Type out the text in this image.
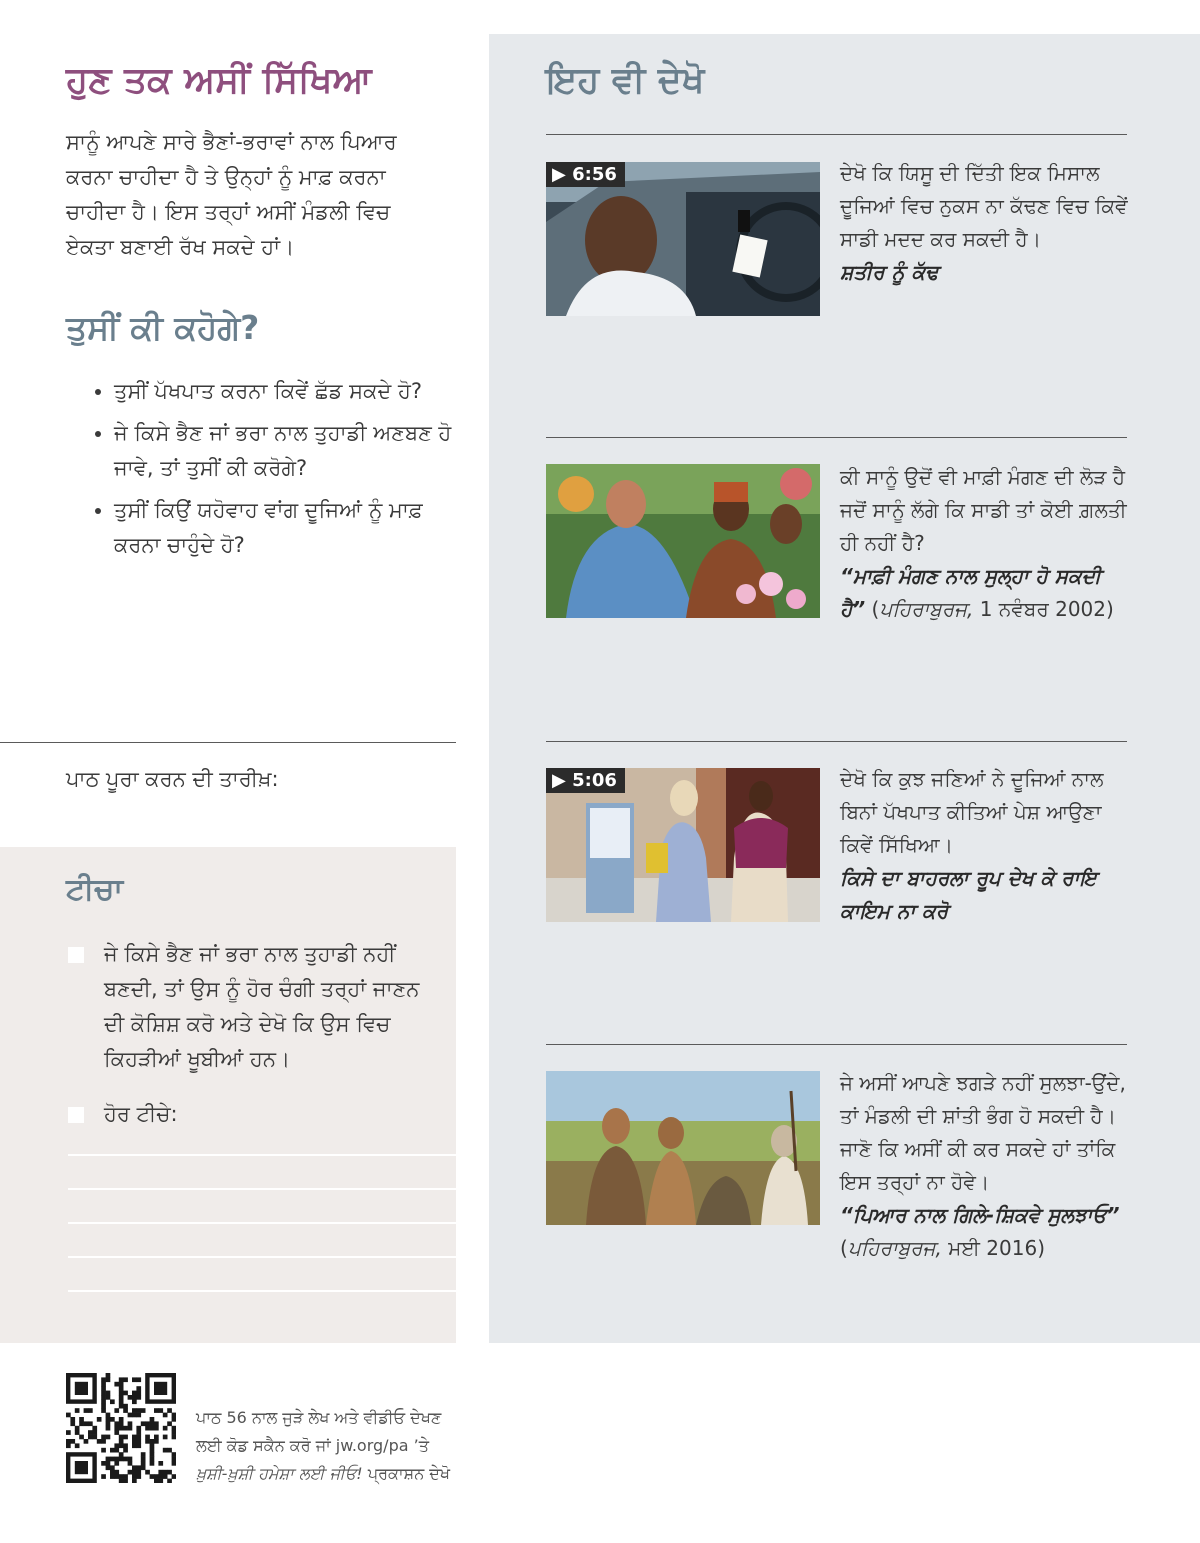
ਹੁਣ ਤਕ ਅਸੀਂ ਸਿੱਖਿਆ
ਸਾਨੂੰ ਆਪਣੇ ਸਾਰੇ ਭੈਣਾਂ-ਭਰਾਵਾਂ ਨਾਲ ਪਿਆਰ ਕਰਨਾ ਚਾਹੀਦਾ ਹੈ ਤੇ ਉਨ੍ਹਾਂ ਨੂੰ ਮਾਫ਼ ਕਰਨਾ ਚਾਹੀਦਾ ਹੈ। ਇਸ ਤਰ੍ਹਾਂ ਅਸੀਂ ਮੰਡਲੀ ਵਿਚ ਏਕਤਾ ਬਣਾਈ ਰੱਖ ਸਕਦੇ ਹਾਂ।
ਤੁਸੀਂ ਕੀ ਕਹੋਗੇ?
• ਤੁਸੀਂ ਪੱਖਪਾਤ ਕਰਨਾ ਕਿਵੇਂ ਛੱਡ ਸਕਦੇ ਹੋ?
• ਜੇ ਕਿਸੇ ਭੈਣ ਜਾਂ ਭਰਾ ਨਾਲ ਤੁਹਾਡੀ ਅਣਬਣ ਹੋ ਜਾਵੇ, ਤਾਂ ਤੁਸੀਂ ਕੀ ਕਰੋਗੇ?
• ਤੁਸੀਂ ਕਿਉਂ ਯਹੋਵਾਹ ਵਾਂਗ ਦੂਜਿਆਂ ਨੂੰ ਮਾਫ਼ ਕਰਨਾ ਚਾਹੁੰਦੇ ਹੋ?
ਪਾਠ ਪੂਰਾ ਕਰਨ ਦੀ ਤਾਰੀਖ਼:
ਟੀਚਾ
ਜੇ ਕਿਸੇ ਭੈਣ ਜਾਂ ਭਰਾ ਨਾਲ ਤੁਹਾਡੀ ਨਹੀਂ ਬਣਦੀ, ਤਾਂ ਉਸ ਨੂੰ ਹੋਰ ਚੰਗੀ ਤਰ੍ਹਾਂ ਜਾਣਨ ਦੀ ਕੋਸ਼ਿਸ਼ ਕਰੋ ਅਤੇ ਦੇਖੋ ਕਿ ਉਸ ਵਿਚ ਕਿਹੜੀਆਂ ਖੂਬੀਆਂ ਹਨ।
ਹੋਰ ਟੀਚੇ:
ਇਹ ਵੀ ਦੇਖੋ
▶ 6:56	ਦੇਖੋ ਕਿ ਯਿਸੂ ਦੀ ਦਿੱਤੀ ਇਕ ਮਿਸਾਲ ਦੂਜਿਆਂ ਵਿਚ ਨੁਕਸ ਨਾ ਕੱਢਣ ਵਿਚ ਕਿਵੇਂ ਸਾਡੀ ਮਦਦ ਕਰ ਸਕਦੀ ਹੈ।
ਸ਼ਤੀਰ ਨੂੰ ਕੱਢ
ਕੀ ਸਾਨੂੰ ਉਦੋਂ ਵੀ ਮਾਫ਼ੀ ਮੰਗਣ ਦੀ ਲੋੜ ਹੈ ਜਦੋਂ ਸਾਨੂੰ ਲੱਗੇ ਕਿ ਸਾਡੀ ਤਾਂ ਕੋਈ ਗ਼ਲਤੀ ਹੀ ਨਹੀਂ ਹੈ?
“ਮਾਫ਼ੀ ਮੰਗਣ ਨਾਲ ਸੁਲ੍ਹਾ ਹੋ ਸਕਦੀ ਹੈ” (ਪਹਿਰਾਬੁਰਜ, 1 ਨਵੰਬਰ 2002)
▶ 5:06	ਦੇਖੋ ਕਿ ਕੁਝ ਜਣਿਆਂ ਨੇ ਦੂਜਿਆਂ ਨਾਲ ਬਿਨਾਂ ਪੱਖਪਾਤ ਕੀਤਿਆਂ ਪੇਸ਼ ਆਉਣਾ ਕਿਵੇਂ ਸਿੱਖਿਆ।
ਕਿਸੇ ਦਾ ਬਾਹਰਲਾ ਰੂਪ ਦੇਖ ਕੇ ਰਾਇ ਕਾਇਮ ਨਾ ਕਰੋ
ਜੇ ਅਸੀਂ ਆਪਣੇ ਝਗੜੇ ਨਹੀਂ ਸੁਲਝਾ-ਉਂਦੇ, ਤਾਂ ਮੰਡਲੀ ਦੀ ਸ਼ਾਂਤੀ ਭੰਗ ਹੋ ਸਕਦੀ ਹੈ। ਜਾਣੋ ਕਿ ਅਸੀਂ ਕੀ ਕਰ ਸਕਦੇ ਹਾਂ ਤਾਂਕਿ ਇਸ ਤਰ੍ਹਾਂ ਨਾ ਹੋਵੇ।
“ਪਿਆਰ ਨਾਲ ਗਿਲੇ-ਸ਼ਿਕਵੇ ਸੁਲਝਾਓ” (ਪਹਿਰਾਬੁਰਜ, ਮਈ 2016)
ਪਾਠ 56 ਨਾਲ ਜੁੜੇ ਲੇਖ ਅਤੇ ਵੀਡੀਓ ਦੇਖਣ
ਲਈ ਕੋਡ ਸਕੈਨ ਕਰੋ ਜਾਂ jw.org/pa ’ਤੇ
ਖ਼ੁਸ਼ੀ-ਖ਼ੁਸ਼ੀ ਹਮੇਸ਼ਾ ਲਈ ਜੀਓ! ਪ੍ਰਕਾਸ਼ਨ ਦੇਖੋ
